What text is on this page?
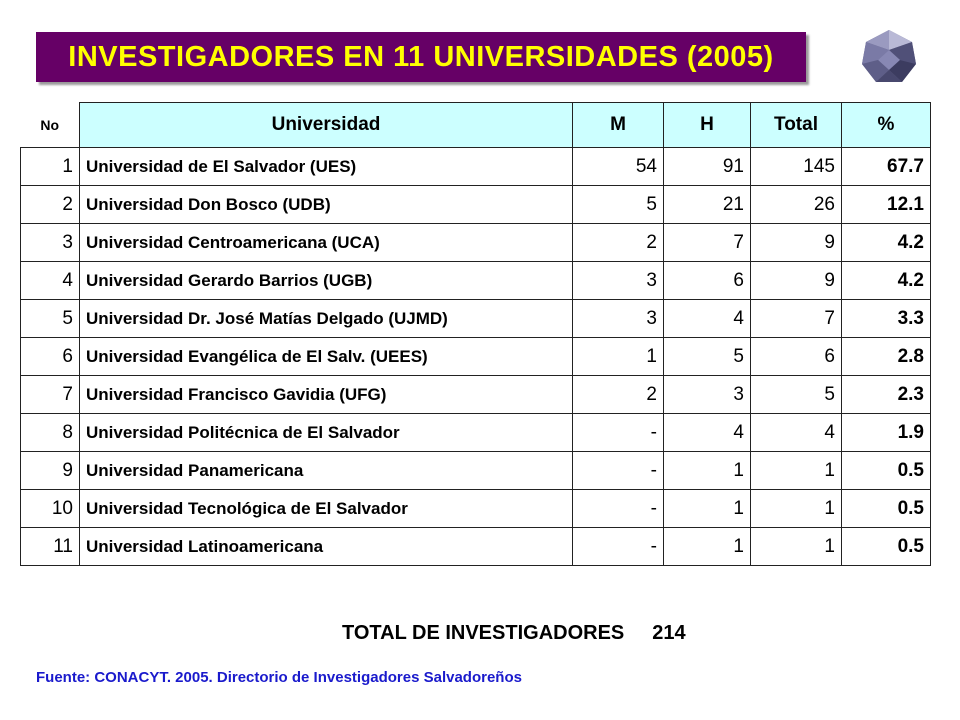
INVESTIGADORES EN 11 UNIVERSIDADES (2005)
No	Universidad	M	H	Total	%
1	Universidad de El Salvador (UES)	54	91	145	67.7
2	Universidad Don Bosco (UDB)	5	21	26	12.1
3	Universidad Centroamericana (UCA)	2	7	9	4.2
4	Universidad Gerardo Barrios (UGB)	3	6	9	4.2
5	Universidad Dr. José Matías Delgado (UJMD)	3	4	7	3.3
6	Universidad Evangélica de El Salv. (UEES)	1	5	6	2.8
7	Universidad Francisco Gavidia (UFG)	2	3	5	2.3
8	Universidad Politécnica de El Salvador	-	4	4	1.9
9	Universidad Panamericana	-	1	1	0.5
10	Universidad Tecnológica de El Salvador	-	1	1	0.5
11	Universidad Latinoamericana	-	1	1	0.5
TOTAL DE INVESTIGADORES 214
Fuente: CONACYT. 2005. Directorio de Investigadores Salvadoreños
